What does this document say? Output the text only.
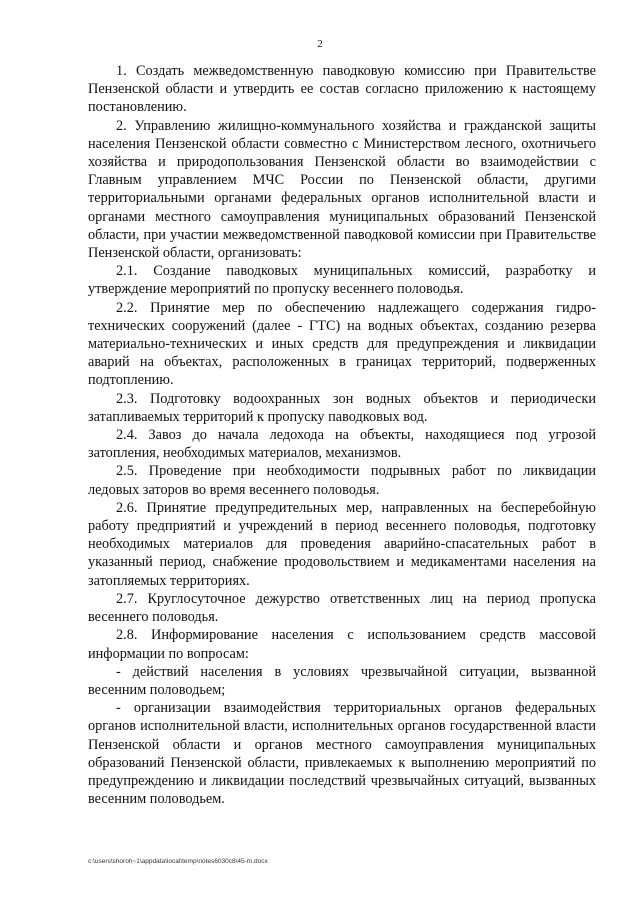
2

1. Создать межведомственную паводковую комиссию при Правительстве Пензенской области и утвердить ее состав согласно приложению к настоящему постановлению.

2. Управлению жилищно-коммунального хозяйства и гражданской защиты населения Пензенской области совместно с Министерством лесного, охотничьего хозяйства и природопользования Пензенской области во взаимодействии с Главным управлением МЧС России по Пензенской области, другими территориальными органами федеральных органов исполнительной власти и органами местного самоуправления муниципальных образований Пензенской области, при участии межведомственной паводковой комиссии при Правительстве Пензенской области, организовать:

2.1. Создание паводковых муниципальных комиссий, разработку и утверждение мероприятий по пропуску весеннего половодья.

2.2. Принятие мер по обеспечению надлежащего содержания гидротехнических сооружений (далее - ГТС) на водных объектах, созданию резерва материально-технических и иных средств для предупреждения и ликвидации аварий на объектах, расположенных в границах территорий, подверженных подтоплению.

2.3. Подготовку водоохранных зон водных объектов и периодически затапливаемых территорий к пропуску паводковых вод.

2.4. Завоз до начала ледохода на объекты, находящиеся под угрозой затопления, необходимых материалов, механизмов.

2.5. Проведение при необходимости подрывных работ по ликвидации ледовых заторов во время весеннего половодья.

2.6. Принятие предупредительных мер, направленных на бесперебойную работу предприятий и учреждений в период весеннего половодья, подготовку необходимых материалов для проведения аварийно-спасательных работ в указанный период, снабжение продовольствием и медикаментами населения на затопляемых территориях.

2.7. Круглосуточное дежурство ответственных лиц на период пропуска весеннего половодья.

2.8. Информирование населения с использованием средств массовой информации по вопросам:

- действий населения в условиях чрезвычайной ситуации, вызванной весенним половодьем;

- организации взаимодействия территориальных органов федеральных органов исполнительной власти, исполнительных органов государственной власти Пензенской области и органов местного самоуправления муниципальных образований Пензенской области, привлекаемых к выполнению мероприятий по предупреждению и ликвидации последствий чрезвычайных ситуаций, вызванных весенним половодьем.

c:\users\shoroh~1\appdata\local\temp\notes6030c8\45-m.docx
